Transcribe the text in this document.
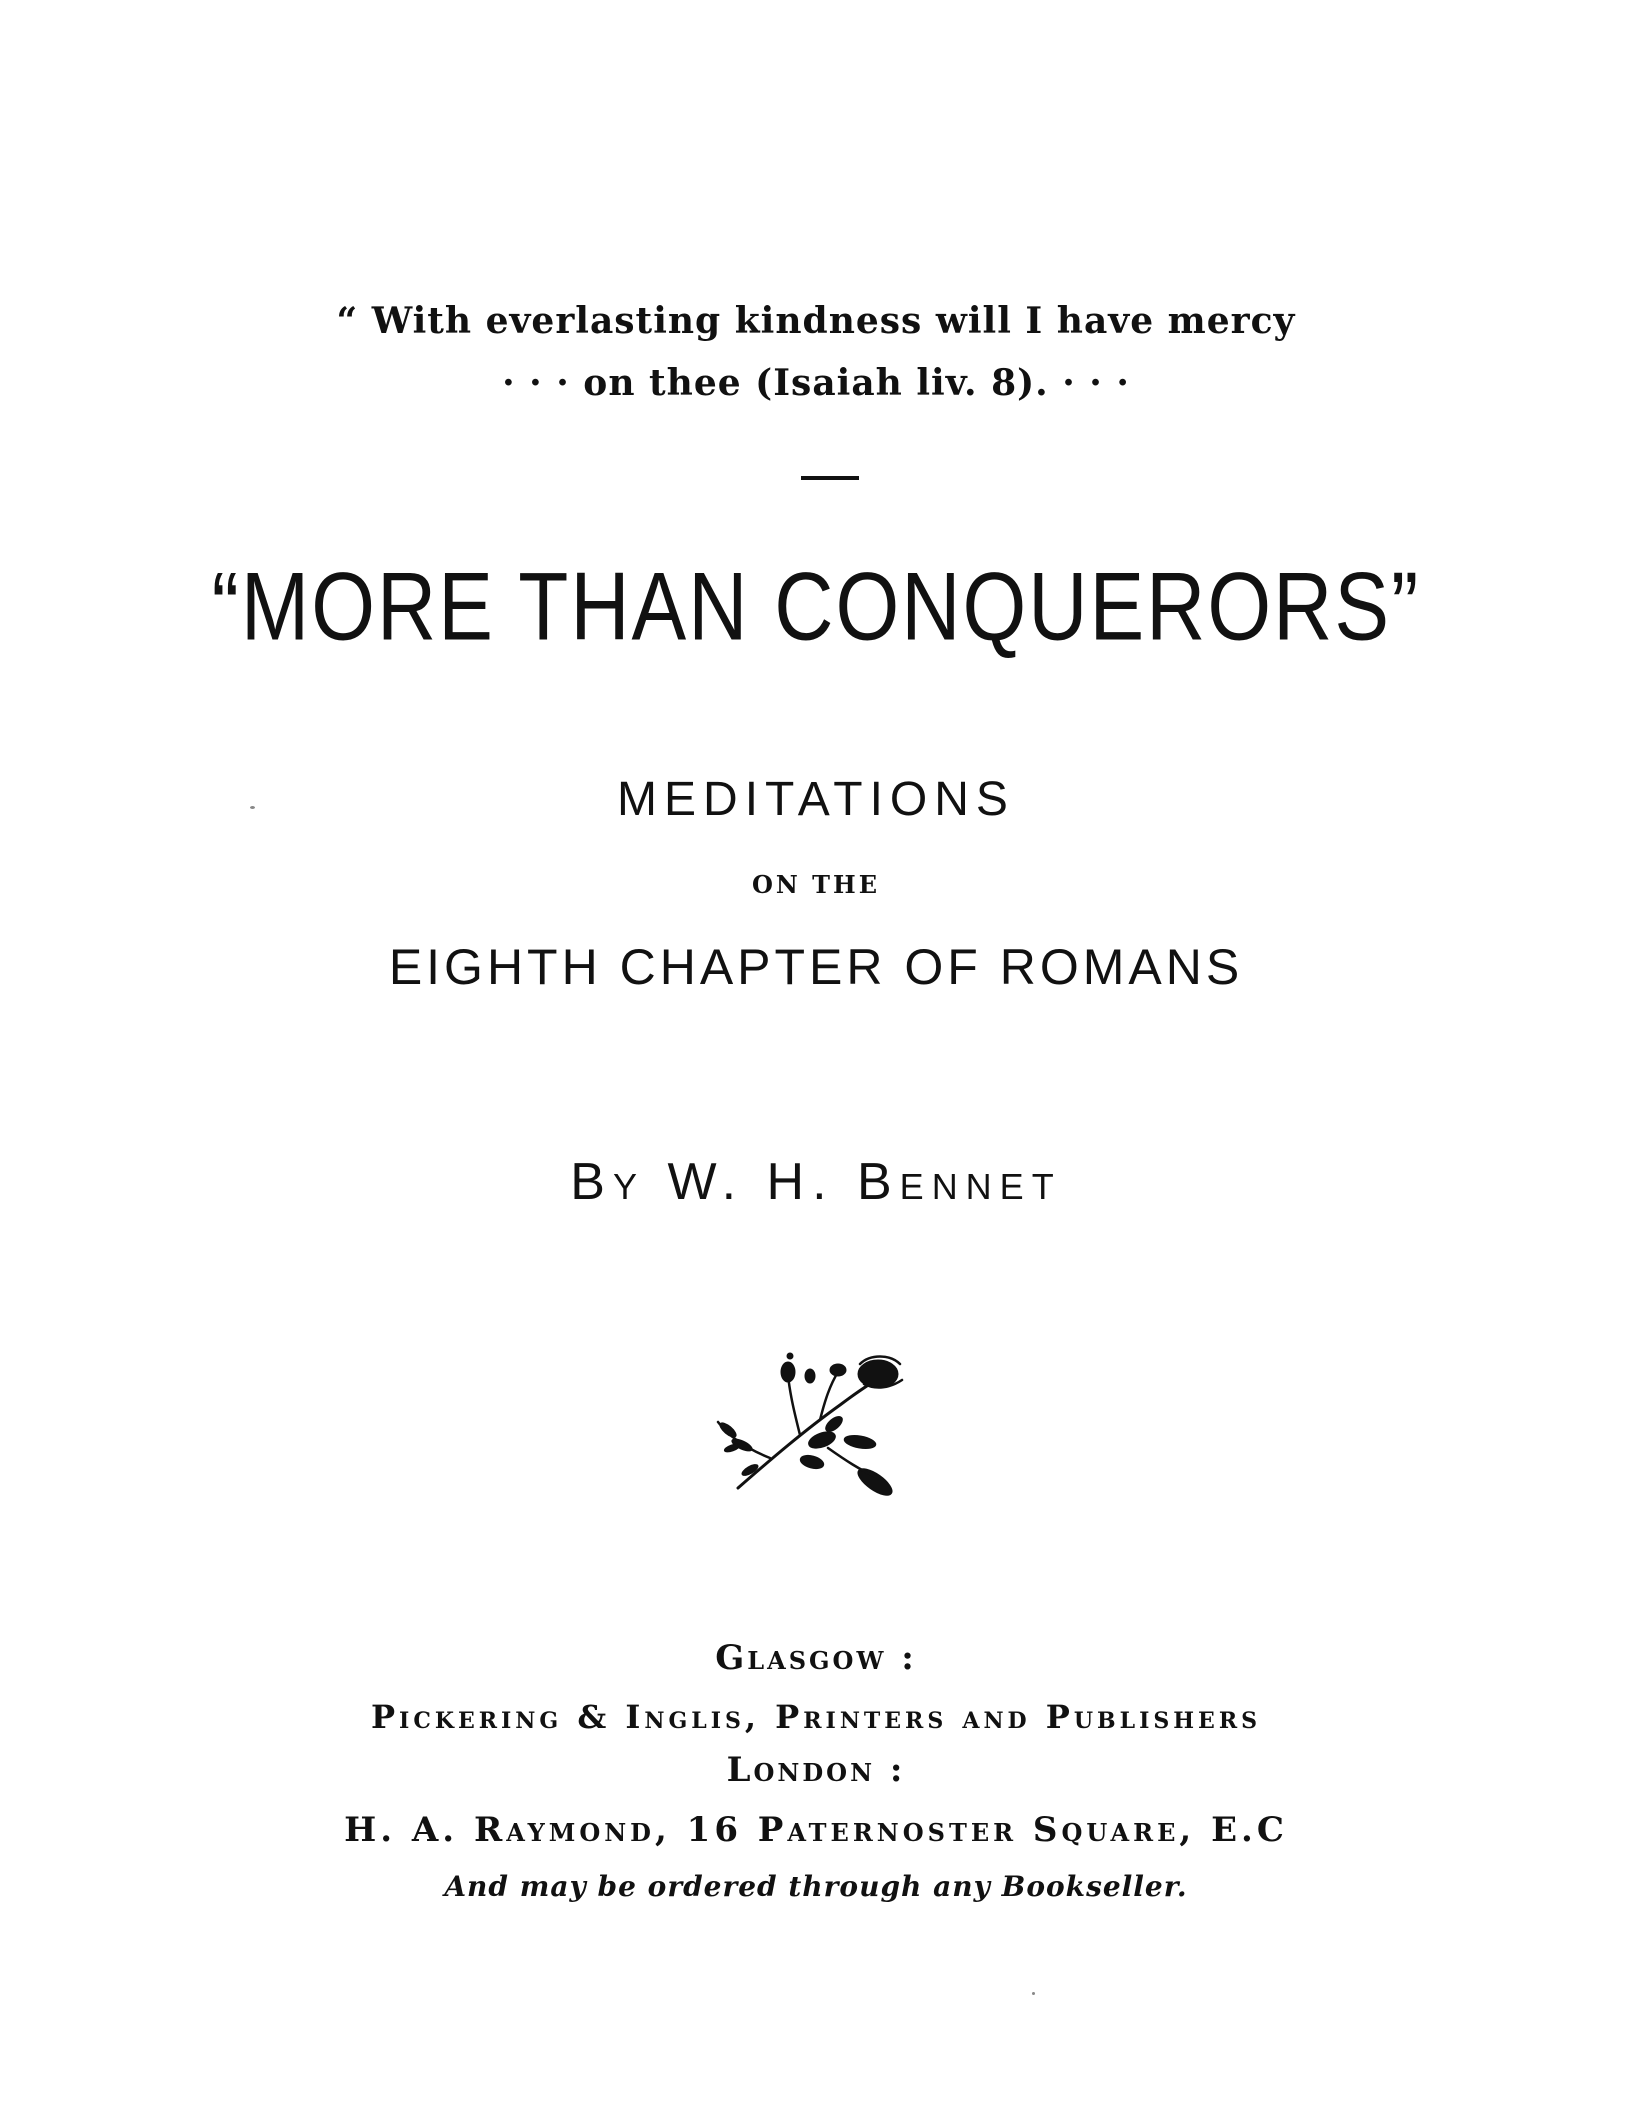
“ With everlasting kindness will I have mercy
· · · on thee (Isaiah liv. 8). · · ·
“MORE THAN CONQUERORS”
MEDITATIONS
ON THE
EIGHTH CHAPTER OF ROMANS
By W. H. Bennet
Glasgow :
Pickering & Inglis, Printers and Publishers
London :
H. A. Raymond, 16 Paternoster Square, E.C
And may be ordered through any Bookseller.
